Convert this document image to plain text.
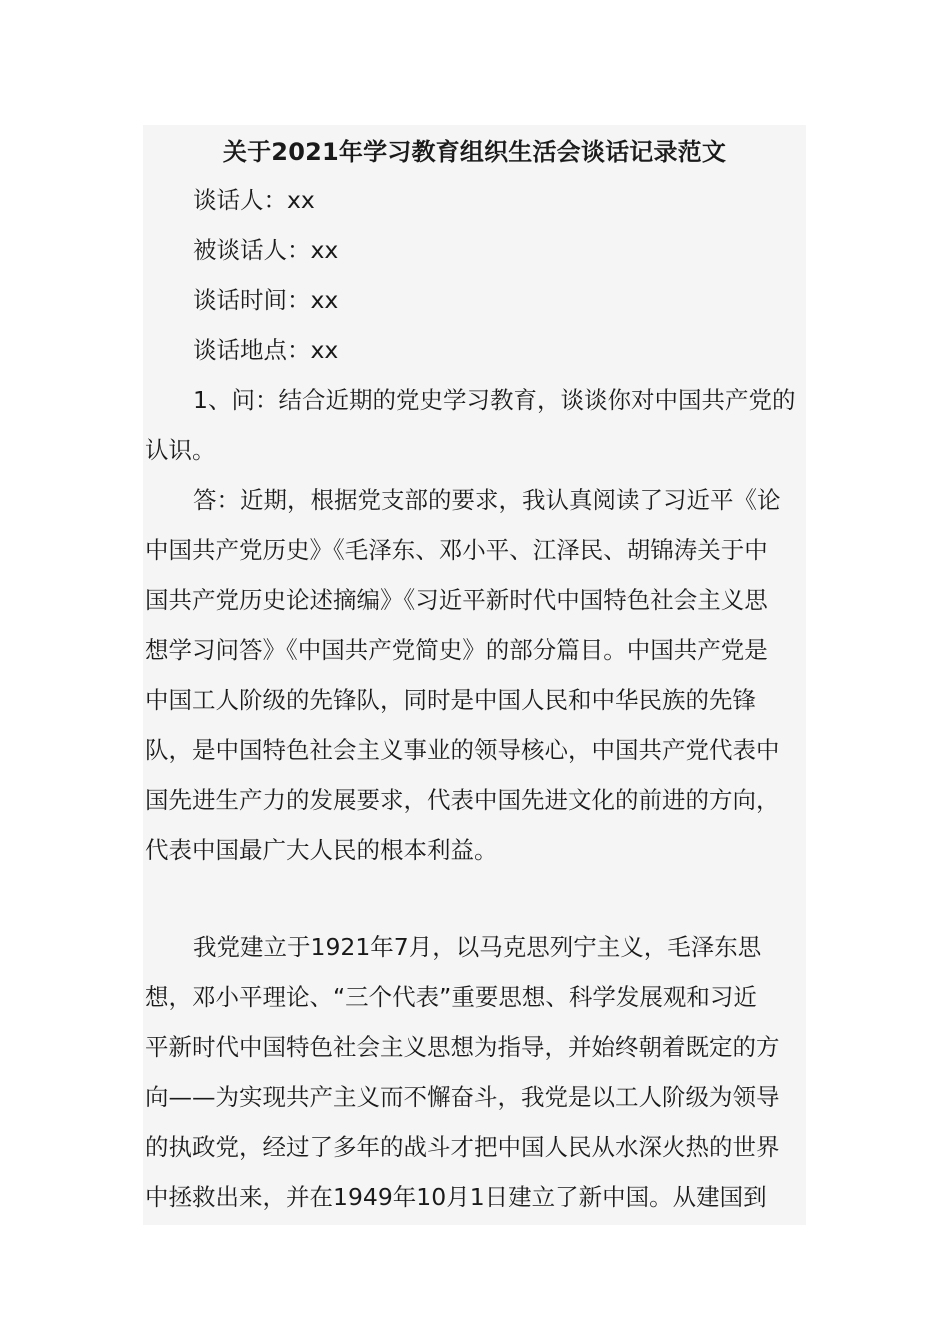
关于2021年学习教育组织生活会谈话记录范文
谈话人：xx
被谈话人：xx
谈话时间：xx
谈话地点：xx
1、问：结合近期的党史学习教育，谈谈你对中国共产党的
认识。
答：近期，根据党支部的要求，我认真阅读了习近平《论
中国共产党历史》《毛泽东、邓小平、江泽民、胡锦涛关于中
国共产党历史论述摘编》《习近平新时代中国特色社会主义思
想学习问答》《中国共产党简史》的部分篇目。中国共产党是
中国工人阶级的先锋队，同时是中国人民和中华民族的先锋
队，是中国特色社会主义事业的领导核心，中国共产党代表中
国先进生产力的发展要求，代表中国先进文化的前进的方向，
代表中国最广大人民的根本利益。
我党建立于1921年7月，以马克思列宁主义，毛泽东思
想，邓小平理论、“三个代表”重要思想、科学发展观和习近
平新时代中国特色社会主义思想为指导，并始终朝着既定的方
向——为实现共产主义而不懈奋斗，我党是以工人阶级为领导
的执政党，经过了多年的战斗才把中国人民从水深火热的世界
中拯救出来，并在1949年10月1日建立了新中国。从建国到
